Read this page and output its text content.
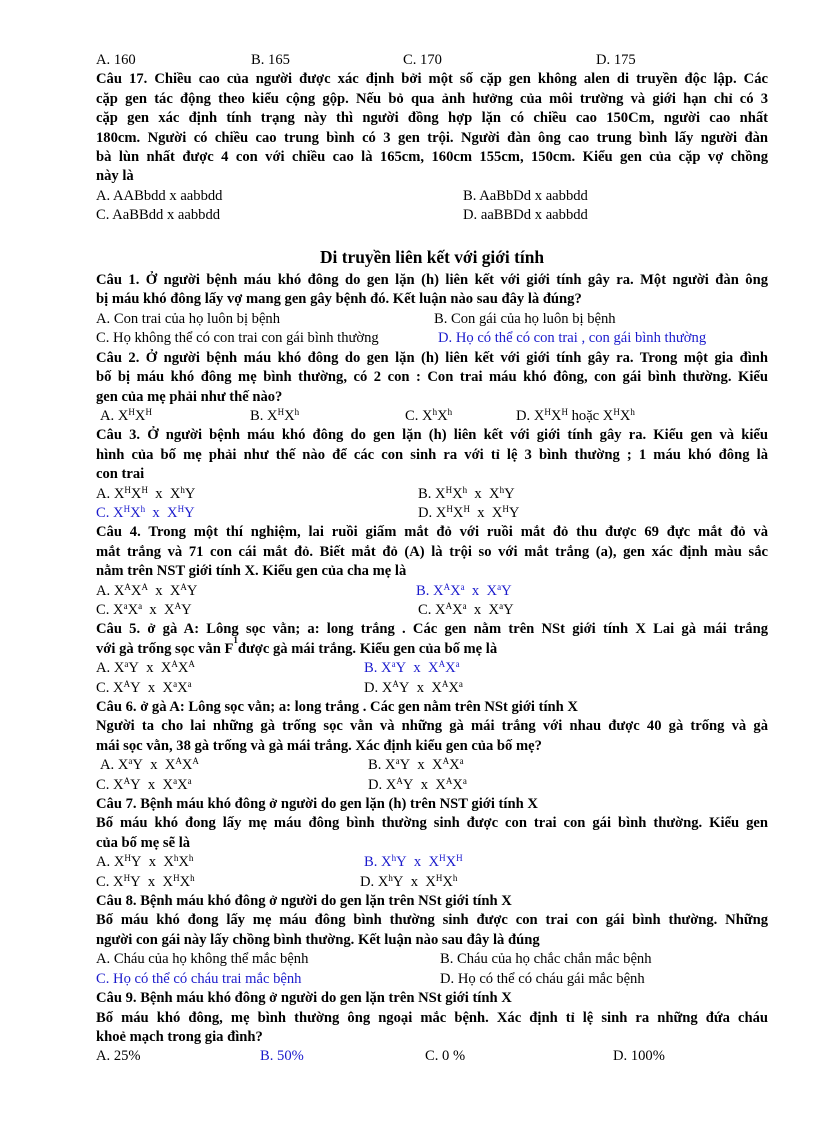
A. 160	B. 165	C. 170	D. 175
Câu 17. Chiều cao của người được xác định bởi một số cặp gen không alen di truyền độc lập. Các
cặp gen tác động theo kiểu cộng gộp. Nếu bỏ qua ảnh hưởng của môi trường và giới hạn chỉ có 3
cặp gen xác định tính trạng này thì người đồng hợp lặn có chiều cao 150Cm, người cao nhất
180cm. Người có chiều cao trung bình có 3 gen trội. Người đàn ông cao trung bình lấy người đàn
bà lùn nhất được 4 con với chiều cao là 165cm, 160cm 155cm, 150cm. Kiểu gen của cặp vợ chồng
này là
A. AABbdd x aabbdd	B. AaBbDd x aabbdd
C. AaBBdd x aabbdd	D. aaBBDd x aabbdd
Di truyền liên kết với giới tính
Câu 1. Ở người bệnh máu khó đông do gen lặn (h) liên kết với giới tính gây ra. Một người đàn ông
bị máu khó đông lấy vợ mang gen gây bệnh đó. Kết luận nào sau đây là đúng?
A. Con trai của họ luôn bị bệnh	B. Con gái của họ luôn bị bệnh
C. Họ không thể có con trai con gái bình thường	D. Họ có thể có con trai , con gái bình thường
Câu 2. Ở người bệnh máu khó đông do gen lặn (h) liên kết với giới tính gây ra. Trong một gia đình
bố bị máu khó đông mẹ bình thường, có 2 con : Con trai máu khó đông, con gái bình thường. Kiểu
gen của mẹ phải như thế nào?
A. $X^HX^H$	B. $X^HX^h$	C. $X^hX^h$	D. $X^HX^H$ hoặc $X^HX^h$
Câu 3. Ở người bệnh máu khó đông do gen lặn (h) liên kết với giới tính gây ra. Kiểu gen và kiểu
hình của bố mẹ phải như thế nào để các con sinh ra với tỉ lệ 3 bình thường ; 1 máu khó đông là
con trai
A. $X^HX^H$  x  $X^hY$	B. $X^HX^h$  x  $X^hY$
C. $X^HX^h$  x  $X^HY$	D. $X^HX^H$  x  $X^HY$
Câu 4. Trong một thí nghiệm, lai ruồi giấm mắt đỏ với ruồi mắt đỏ thu được 69 đực mắt đỏ và
mắt trắng và 71 con cái mắt đỏ. Biết mắt đỏ (A) là trội so với mắt trắng (a), gen xác định màu sắc
nằm trên NST giới tính X. Kiểu gen của cha mẹ là
A. $X^AX^A$  x  $X^AY$	B. $X^AX^a$  x  $X^aY$
C. $X^aX^a$  x  $X^AY$	C. $X^AX^a$  x  $X^aY$
Câu 5. ở gà A: Lông sọc vằn; a: long trắng . Các gen nằm trên NSt giới tính X Lai gà mái trắng
với gà trống sọc vằn F
1
được gà mái trắng. Kiểu gen của bố mẹ là
A. $X^aY$  x  $X^AX^A$	B. $X^aY$  x  $X^AX^a$
C. $X^AY$  x  $X^aX^a$	D. $X^AY$  x  $X^AX^a$
Câu 6. ở gà A: Lông sọc vằn; a: long trắng . Các gen nằm trên NSt giới tính X
Người ta cho lai những gà trống sọc vằn và những gà mái trắng với nhau được 40 gà trống và gà
mái sọc vằn, 38 gà trống và gà mái trắng. Xác định kiểu gen của bố mẹ?
A. $X^aY$  x  $X^AX^A$	B. $X^aY$  x  $X^AX^a$
C. $X^AY$  x  $X^aX^a$	D. $X^AY$  x  $X^AX^a$
Câu 7. Bệnh máu khó đông ở người do gen lặn (h) trên NST giới tính X
Bố máu khó đong lấy mẹ máu đông bình thường sinh được con trai con gái bình thường. Kiểu gen
của bố mẹ sẽ là
A. $X^HY$  x  $X^hX^h$	B. $X^hY$  x  $X^HX^H$
C. $X^HY$  x  $X^HX^h$	D. $X^hY$  x  $X^HX^h$
Câu 8. Bệnh máu khó đông ở người do gen lặn trên NSt giới tính X
Bố máu khó đong lấy mẹ máu đông bình thường sinh được con trai con gái bình thường. Những
người con gái này lấy chồng bình thường. Kết luận nào sau đây là đúng
A. Cháu của họ không thể mắc bệnh	B. Cháu của họ chắc chắn mắc bệnh
C. Họ có thể có cháu trai mắc bệnh	D. Họ có thể có cháu gái mắc bệnh
Câu 9. Bệnh máu khó đông ở người do gen lặn trên NSt giới tính X
Bố máu khó đông, mẹ bình thường ông ngoại mắc bệnh. Xác định tỉ lệ sinh ra những đứa cháu
khoẻ mạch trong gia đình?
A. 25%	B. 50%	C. 0 %	D. 100%
